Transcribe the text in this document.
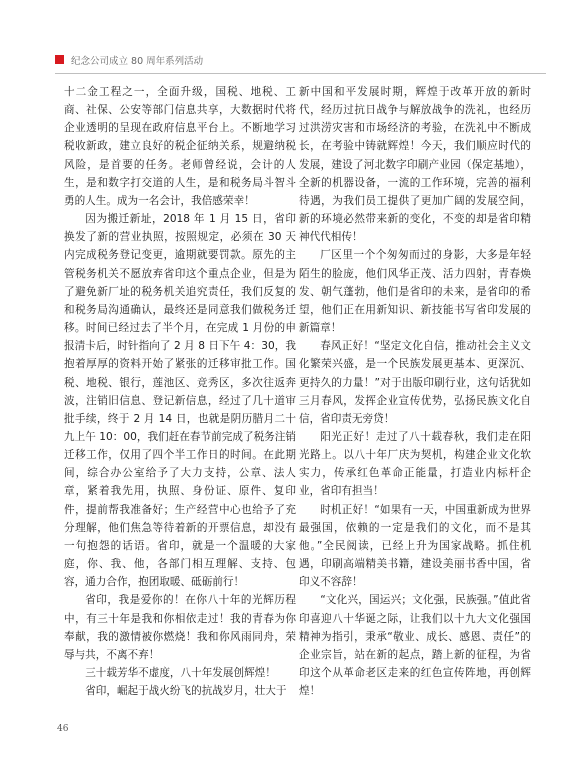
纪念公司成立 80 周年系列活动

十二金工程之一，全面升级，国税、地税、工商、社保、公安等部门信息共享，大数据时代将企业透明的呈现在政府信息平台上。不断地学习税收新政，建立良好的税企征纳关系，规避纳税风险，是首要的任务。老师曾经说，会计的人生，是和数字打交道的人生，是和税务局斗智斗勇的人生。成为一名会计，我倍感荣幸！

因为搬迁新址，2018 年 1 月 15 日，省印换发了新的营业执照，按照规定，必须在 30 天内完成税务登记变更，逾期就要罚款。原先的主管税务机关不愿放弃省印这个重点企业，但是为了避免新厂址的税务机关追究责任，我们反复的和税务局沟通确认，最终还是同意我们做税务迁移。时间已经过去了半个月，在完成 1 月份的申报清卡后，时针指向了 2 月 8 日下午 4：30，我抱着厚厚的资料开始了紧张的迁移审批工作。国税、地税、银行，莲池区、竞秀区，多次往返奔波，注销旧信息、登记新信息，经过了几十道审批手续，终于 2 月 14 日，也就是阴历腊月二十九上午 10：00，我们赶在春节前完成了税务注销迁移工作，仅用了四个半工作日的时间。在此期间，综合办公室给予了大力支持，公章、法人章，紧着我先用，执照、身份证、原件、复印件，提前帮我准备好；生产经营中心也给予了充分理解，他们焦急等待着新的开票信息，却没有一句抱怨的话语。省印，就是一个温暖的大家庭，你、我、他，各部门相互理解、支持、包容，通力合作，抱团取暖、砥砺前行！

省印，我是爱你的！在你八十年的光辉历程中，有三十年是我和你相依走过！我的青春为你奉献，我的激情被你燃烧！我和你风雨同舟，荣辱与共，不离不弃！

三十载芳华不虚度，八十年发展创辉煌！

省印，崛起于战火纷飞的抗战岁月，壮大于

新中国和平发展时期，辉煌于改革开放的新时代，经历过抗日战争与解放战争的洗礼，也经历过洪涝灾害和市场经济的考验，在洗礼中不断成长，在考验中铸就辉煌！今天，我们顺应时代的发展，建设了河北数字印刷产业园（保定基地），全新的机器设备，一流的工作环境，完善的福利待遇，为我们员工提供了更加广阔的发展空间，新的环境必然带来新的变化，不变的却是省印精神代代相传！

厂区里一个个匆匆而过的身影，大多是年轻陌生的脸庞，他们风华正茂、活力四射，青春焕发、朝气蓬勃，他们是省印的未来，是省印的希望，他们正在用新知识、新技能书写省印发展的新篇章！

春风正好！“坚定文化自信，推动社会主义文化繁荣兴盛，是一个民族发展更基本、更深沉、更持久的力量！”对于出版印刷行业，这句话犹如三月春风，发挥企业宣传优势，弘扬民族文化自信，省印责无旁贷！

阳光正好！走过了八十载春秋，我们走在阳光路上。以八十年厂庆为契机，构建企业文化软实力，传承红色革命正能量，打造业内标杆企业，省印有担当！

时机正好！“如果有一天，中国重新成为世界最强国，依赖的一定是我们的文化，而不是其他。”全民阅读，已经上升为国家战略。抓住机遇，印刷高端精美书籍，建设美丽书香中国，省印义不容辞！

“文化兴，国运兴；文化强，民族强。”值此省印喜迎八十华诞之际，让我们以十九大文化强国精神为指引，秉承“敬业、成长、感恩、责任”的企业宗旨，站在新的起点，踏上新的征程，为省印这个从革命老区走来的红色宣传阵地，再创辉煌！

46
